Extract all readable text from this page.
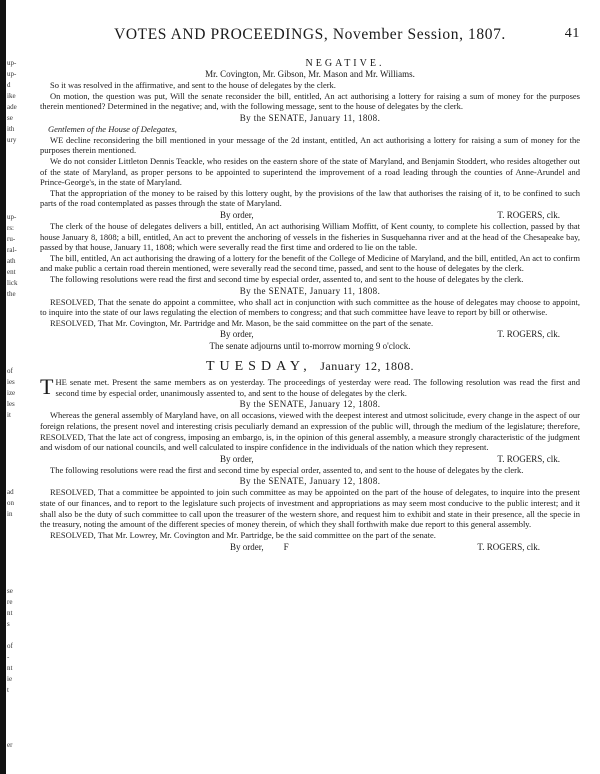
up-
up-
d
ike
ade
se
ith
ury
up-
rs:
ru-
ral-
ath
ent
lick
the
of
ies
ize
les
it
ad
on
in
se
re
nt
s
of
-
nt
ie
t
er
VOTES AND PROCEEDINGS, November Session, 1807.	41
NEGATIVE.
Mr. Covington, Mr. Gibson, Mr. Mason and Mr. Williams.

So it was resolved in the affirmative, and sent to the house of delegates by the clerk.

On motion, the question was put, Will the senate reconsider the bill, entitled, An act authorising a lottery for raising a sum of money for the purposes therein mentioned? Determined in the negative; and, with the following message, sent to the house of delegates by the clerk.

By the SENATE, January 11, 1808.
Gentlemen of the House of Delegates,

WE decline reconsidering the bill mentioned in your message of the 2d instant, entitled, An act authorising a lottery for raising a sum of money for the purposes therein mentioned.

We do not consider Littleton Dennis Teackle, who resides on the eastern shore of the state of Maryland, and Benjamin Stoddert, who resides altogether out of the state of Maryland, as proper persons to be appointed to superintend the improvement of a road leading through the counties of Anne-Arundel and Prince-George's, in the state of Maryland.

That the appropriation of the money to be raised by this lottery ought, by the provisions of the law that authorises the raising of it, to be confined to such parts of the road contemplated as passes through the state of Maryland.

By order,	T. ROGERS, clk.

The clerk of the house of delegates delivers a bill, entitled, An act authorising William Moffitt, of Kent county, to complete his collection, passed by that house January 8, 1808; a bill, entitled, An act to prevent the anchoring of vessels in the fisheries in Susquehanna river and at the head of the Chesapeake bay, passed by that house, January 11, 1808; which were severally read the first time and ordered to lie on the table.

The bill, entitled, An act authorising the drawing of a lottery for the benefit of the College of Medicine of Maryland, and the bill, entitled, An act to confirm and make public a certain road therein mentioned, were severally read the second time, passed, and sent to the house of delegates by the clerk.

The following resolutions were read the first and second time by especial order, assented to, and sent to the house of delegates by the clerk.

By the SENATE, January 11, 1808.

RESOLVED, That the senate do appoint a committee, who shall act in conjunction with such committee as the house of delegates may choose to appoint, to inquire into the state of our laws regulating the election of members to congress; and that such committee have leave to report by bill or otherwise.

RESOLVED, That Mr. Covington, Mr. Partridge and Mr. Mason, be the said committee on the part of the senate.

By order,	T. ROGERS, clk.
The senate adjourns until to-morrow morning 9 o'clock.
TUESDAY, January 12, 1808.

THE senate met. Present the same members as on yesterday. The proceedings of yesterday were read. The following resolution was read the first and second time by especial order, unanimously assented to, and sent to the house of delegates by the clerk.

By the SENATE, January 12, 1808.

Whereas the general assembly of Maryland have, on all occasions, viewed with the deepest interest and utmost solicitude, every change in the aspect of our foreign relations, the present novel and interesting crisis peculiarly demand an expression of the public will, through the medium of the legislature; therefore, RESOLVED, That the late act of congress, imposing an embargo, is, in the opinion of this general assembly, a measure strongly characteristic of the judgment and wisdom of our national councils, and well calculated to inspire confidence in the individuals of the nation which they represent.

By order,	T. ROGERS, clk.

The following resolutions were read the first and second time by especial order, assented to, and sent to the house of delegates by the clerk.

By the SENATE, January 12, 1808.

RESOLVED, That a committee be appointed to join such committee as may be appointed on the part of the house of delegates, to inquire into the present state of our finances, and to report to the legislature such projects of investment and appropriations as may seem most conducive to the public interest; and it shall also be the duty of such committee to call upon the treasurer of the western shore, and request him to exhibit and state in their presence, all the specie in the treasury, noting the amount of the different species of money therein, of which they shall forthwith make due report to this general assembly.

RESOLVED, That Mr. Lowrey, Mr. Covington and Mr. Partridge, be the said committee on the part of the senate.

By order, F	T. ROGERS, clk.
